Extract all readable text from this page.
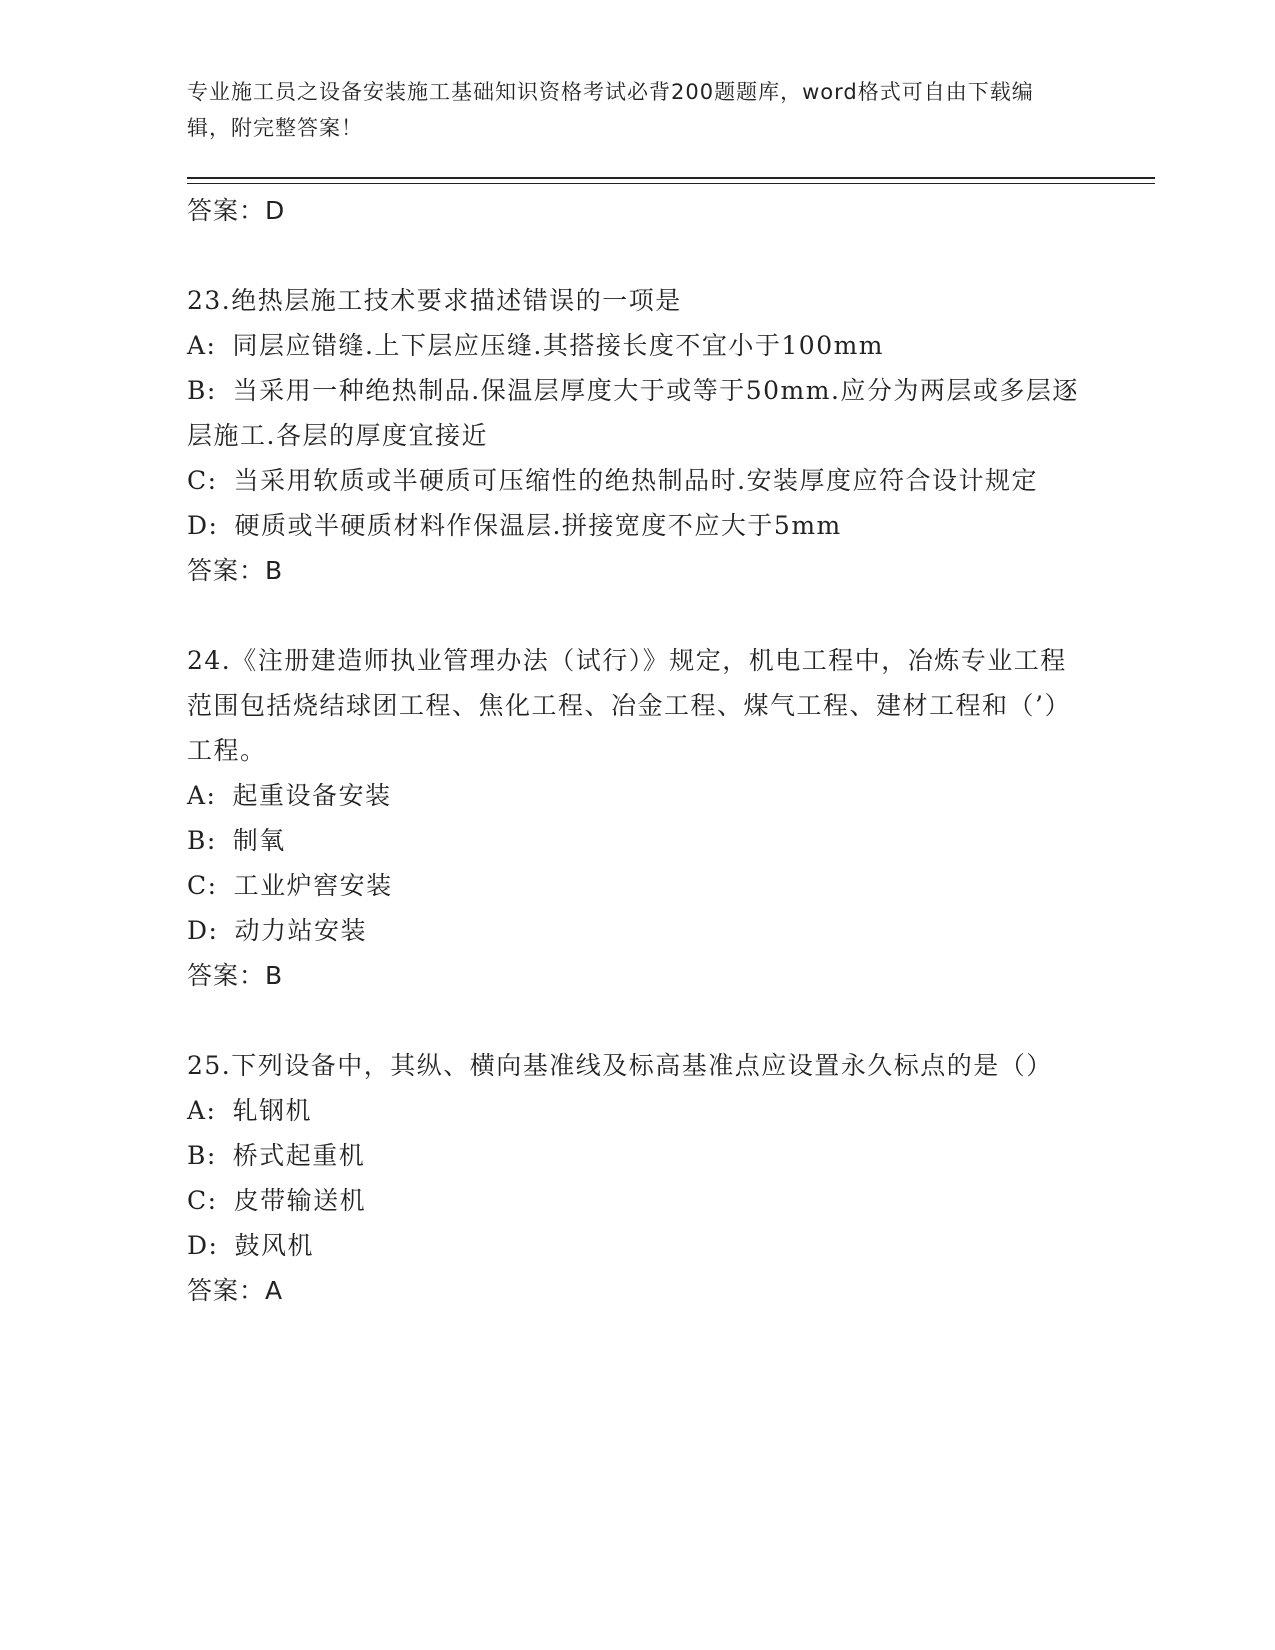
专业施工员之设备安装施工基础知识资格考试必背200题题库，word格式可自由下载编辑，附完整答案！

答案：D

23.绝热层施工技术要求描述错误的一项是

A: 同层应错缝.上下层应压缝.其搭接长度不宜小于100mm

B: 当采用一种绝热制品.保温层厚度大于或等于50mm.应分为两层或多层逐层施工.各层的厚度宜接近

C: 当采用软质或半硬质可压缩性的绝热制品时.安装厚度应符合设计规定

D: 硬质或半硬质材料作保温层.拼接宽度不应大于5mm

答案：B

24.《注册建造师执业管理办法（试行）》规定，机电工程中，冶炼专业工程范围包括烧结球团工程、焦化工程、冶金工程、煤气工程、建材工程和（’）工程。

A: 起重设备安装

B: 制氧

C: 工业炉窖安装

D: 动力站安装

答案：B

25.下列设备中，其纵、横向基准线及标高基准点应设置永久标点的是（）

A: 轧钢机

B: 桥式起重机

C: 皮带输送机

D: 鼓风机

答案：A
